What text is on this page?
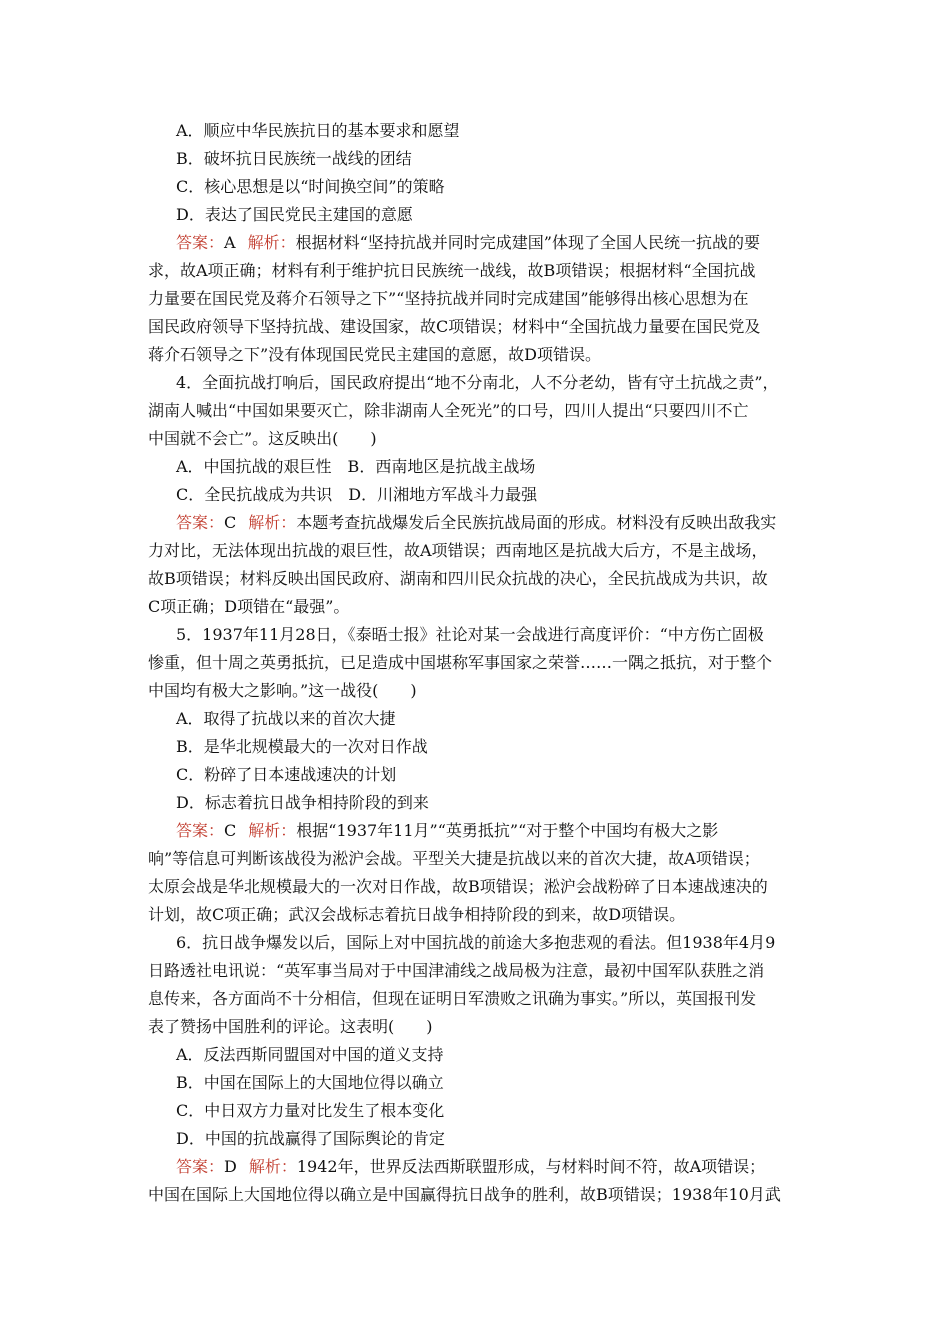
A．顺应中华民族抗日的基本要求和愿望
B．破坏抗日民族统一战线的团结
C．核心思想是以“时间换空间”的策略
D．表达了国民党民主建国的意愿
答案：A 解析：根据材料“坚持抗战并同时完成建国”体现了全国人民统一抗战的要
求，故A项正确；材料有利于维护抗日民族统一战线，故B项错误；根据材料“全国抗战
力量要在国民党及蒋介石领导之下”“坚持抗战并同时完成建国”能够得出核心思想为在
国民政府领导下坚持抗战、建设国家，故C项错误；材料中“全国抗战力量要在国民党及
蒋介石领导之下”没有体现国民党民主建国的意愿，故D项错误。
4．全面抗战打响后，国民政府提出“地不分南北，人不分老幼，皆有守土抗战之责”，
湖南人喊出“中国如果要灭亡，除非湖南人全死光”的口号，四川人提出“只要四川不亡
中国就不会亡”。这反映出(　　)
A．中国抗战的艰巨性　B．西南地区是抗战主战场
C．全民抗战成为共识　D．川湘地方军战斗力最强
答案：C 解析：本题考查抗战爆发后全民族抗战局面的形成。材料没有反映出敌我实
力对比，无法体现出抗战的艰巨性，故A项错误；西南地区是抗战大后方，不是主战场，
故B项错误；材料反映出国民政府、湖南和四川民众抗战的决心，全民抗战成为共识，故
C项正确；D项错在“最强”。
5．1937年11月28日，《泰晤士报》社论对某一会战进行高度评价：“中方伤亡固极
惨重，但十周之英勇抵抗，已足造成中国堪称军事国家之荣誉……一隅之抵抗，对于整个
中国均有极大之影响。”这一战役(　　)
A．取得了抗战以来的首次大捷
B．是华北规模最大的一次对日作战
C．粉碎了日本速战速决的计划
D．标志着抗日战争相持阶段的到来
答案：C 解析：根据“1937年11月”“英勇抵抗”“对于整个中国均有极大之影
响”等信息可判断该战役为淞沪会战。平型关大捷是抗战以来的首次大捷，故A项错误；
太原会战是华北规模最大的一次对日作战，故B项错误；淞沪会战粉碎了日本速战速决的
计划，故C项正确；武汉会战标志着抗日战争相持阶段的到来，故D项错误。
6．抗日战争爆发以后，国际上对中国抗战的前途大多抱悲观的看法。但1938年4月9
日路透社电讯说：“英军事当局对于中国津浦线之战局极为注意，最初中国军队获胜之消
息传来，各方面尚不十分相信，但现在证明日军溃败之讯确为事实。”所以，英国报刊发
表了赞扬中国胜利的评论。这表明(　　)
A．反法西斯同盟国对中国的道义支持
B．中国在国际上的大国地位得以确立
C．中日双方力量对比发生了根本变化
D．中国的抗战赢得了国际舆论的肯定
答案：D 解析：1942年，世界反法西斯联盟形成，与材料时间不符，故A项错误；
中国在国际上大国地位得以确立是中国赢得抗日战争的胜利，故B项错误；1938年10月武
